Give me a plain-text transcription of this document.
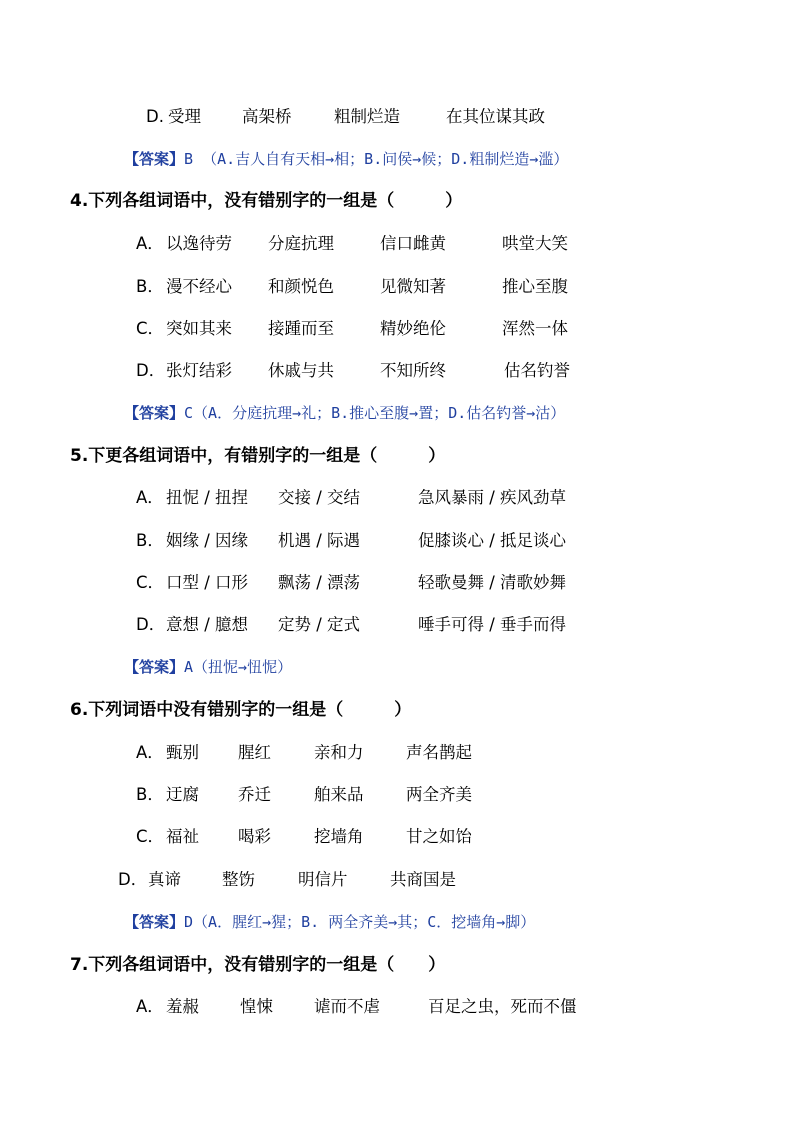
D. 受理 高架桥	粗制烂造	在其位谋其政
【答案】B （A.吉人自有天相→相；B.问侯→候；D.粗制烂造→滥）
4.下列各组词语中，没有错别字的一组是（　　　）
A． 以逸待劳 分庭抗理	信口雌黄	哄堂大笑
B． 漫不经心 和颜悦色	见微知著	推心至腹
C． 突如其来 接踵而至	精妙绝伦	浑然一体
D． 张灯结彩 休戚与共	不知所终	估名钓誉
【答案】C（A．分庭抗理→礼；B.推心至腹→置；D.估名钓誉→沽）
5.下更各组词语中，有错别字的一组是（　　　）
A． 扭怩 / 扭捏 交接 / 交结	急风暴雨 / 疾风劲草
B． 姻缘 / 因缘 机遇 / 际遇	促膝谈心 / 抵足谈心
C． 口型 / 口形 飘荡 / 漂荡	轻歌曼舞 / 清歌妙舞
D． 意想 / 臆想 定势 / 定式	唾手可得 / 垂手而得
【答案】A（扭怩→忸怩）
6.下列词语中没有错别字的一组是（　　　）
A． 甄别 腥红	亲和力	声名鹊起
B． 迂腐 乔迁	舶来品	两全齐美
C． 福祉 喝彩	挖墙角	甘之如饴
D． 真谛 整饬	明信片	共商国是
【答案】D（A．腥红→猩；B. 两全齐美→其；C．挖墙角→脚）
7.下列各组词语中，没有错别字的一组是（　　）
A． 羞赧 惶悚 谑而不虐	百足之虫，死而不僵
